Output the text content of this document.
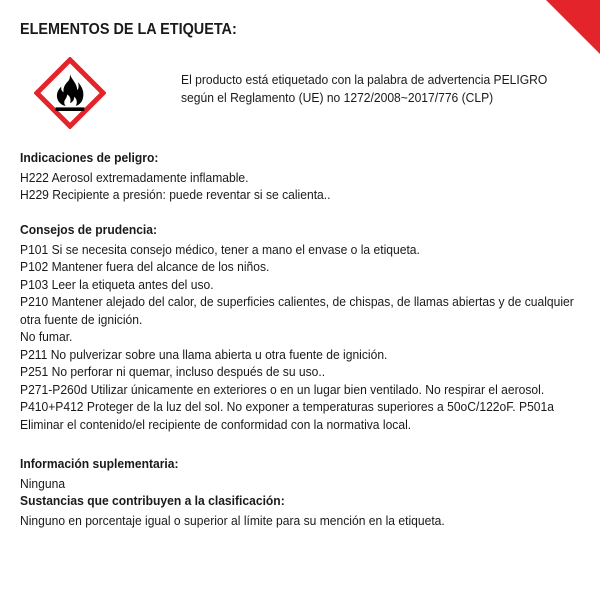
ELEMENTOS DE LA ETIQUETA:
El producto está etiquetado con la palabra de advertencia PELIGRO
según el Reglamento (UE) no 1272/2008~2017/776 (CLP)
Indicaciones de peligro:
H222 Aerosol extremadamente inflamable.
H229 Recipiente a presión: puede reventar si se calienta..
Consejos de prudencia:
P101 Si se necesita consejo médico, tener a mano el envase o la etiqueta.
P102 Mantener fuera del alcance de los niños.
P103 Leer la etiqueta antes del uso.
P210 Mantener alejado del calor, de superficies calientes, de chispas, de llamas abiertas y de cualquier
otra fuente de ignición.
No fumar.
P211 No pulverizar sobre una llama abierta u otra fuente de ignición.
P251 No perforar ni quemar, incluso después de su uso..
P271-P260d Utilizar únicamente en exteriores o en un lugar bien ventilado. No respirar el aerosol.
P410+P412 Proteger de la luz del sol. No exponer a temperaturas superiores a 50oC/122oF. P501a
Eliminar el contenido/el recipiente de conformidad con la normativa local.
Información suplementaria:
Ninguna
Sustancias que contribuyen a la clasificación:
Ninguno en porcentaje igual o superior al límite para su mención en la etiqueta.
